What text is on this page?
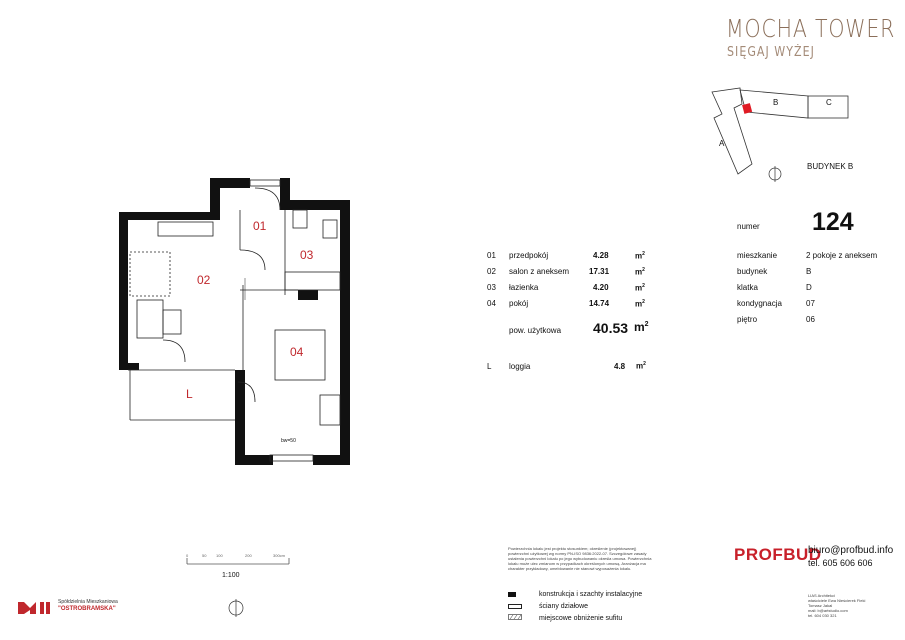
MOCHA TOWER
SIĘGAJ WYŻEJ
A
B	C
BUDYNEK B
numer 124
01 przedpokój	4.28	$m^2$
02 salon z aneksem 17.31	$m^2$
03 łazienka	4.20	$m^2$
04 pokój	14.74	$m^2$
pow. użytkowa 40.53 $m^2$
L loggia	4.8 $m^2$
mieszkanie	2 pokoje z aneksem
budynek	B
klatka	D
kondygnacja	07
piętro	06
01
02
03
04
L
bw=50
0	50 100	200	300cm
1:100
Spółdzielnia Mieszkaniowa
"OSTROBRAMSKA"
Powierzchnia lokalu jest projektu stosunkiem; określenie (projektowanej) powierzchni użytkowej wg normy PN-ISO 9836:2022-07. Szczegółowe zasady ustalenia powierzchni lokalu po jego wybudowaniu określa umowa. Powierzchnia lokalu może ulec zmianom w przypadkach określonych umową. Aranżacja ma charakter przykładowy, umeblowanie nie stanowi wyposażenia lokalu.
konstrukcja i szachty instalacyjne
ściany działowe
miejscowe obniżenie sufitu
PROFBUD
biuro@profbud.info
tel. 605 606 606
LIAS Architekci
właściciele Ewa Nieścierek Fieki
Tomasz Jakal
mail: b@artstudio.com
tel. 604 030 321
